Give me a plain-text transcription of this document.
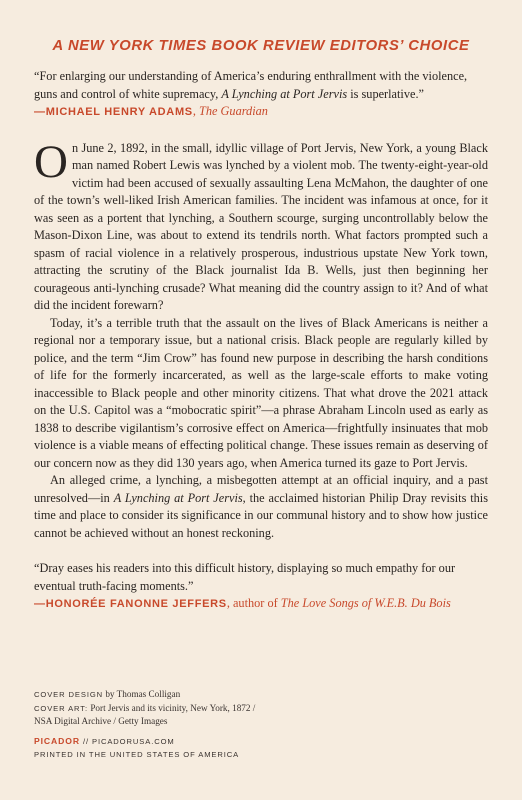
A NEW YORK TIMES BOOK REVIEW EDITORS’ CHOICE

“For enlarging our understanding of America’s enduring enthrallment with the violence, guns and control of white supremacy, A Lynching at Port Jervis is superlative.”

—MICHAEL HENRY ADAMS, The Guardian

On June 2, 1892, in the small, idyllic village of Port Jervis, New York, a young Black man named Robert Lewis was lynched by a violent mob. The twenty-eight-year-old victim had been accused of sexually assaulting Lena McMahon, the daughter of one of the town’s well-liked Irish American families. The incident was infamous at once, for it was seen as a portent that lynching, a Southern scourge, surging uncontrollably below the Mason-Dixon Line, was about to extend its tendrils north. What factors prompted such a spasm of racial violence in a relatively prosperous, industrious upstate New York town, attracting the scrutiny of the Black journalist Ida B. Wells, just then beginning her courageous anti-lynching crusade? What meaning did the country assign to it? And of what did the incident forewarn?

Today, it’s a terrible truth that the assault on the lives of Black Americans is neither a regional nor a temporary issue, but a national crisis. Black people are regularly killed by police, and the term “Jim Crow” has found new purpose in describing the harsh conditions of life for the formerly incarcerated, as well as the large-scale efforts to make voting inaccessible to Black people and other minority citizens. That what drove the 2021 attack on the U.S. Capitol was a “mobocratic spirit”—a phrase Abraham Lincoln used as early as 1838 to describe vigilantism’s corrosive effect on America—frightfully insinuates that mob violence is a viable means of effecting political change. These issues remain as deserving of our concern now as they did 130 years ago, when America turned its gaze to Port Jervis.

An alleged crime, a lynching, a misbegotten attempt at an official inquiry, and a past unresolved—in A Lynching at Port Jervis, the acclaimed historian Philip Dray revisits this time and place to consider its significance in our communal history and to show how justice cannot be achieved without an honest reckoning.

“Dray eases his readers into this difficult history, displaying so much empathy for our eventual truth-facing moments.”

—HONORÉE FANONNE JEFFERS, author of The Love Songs of W.E.B. Du Bois

COVER DESIGN by Thomas Colligan
COVER ART: Port Jervis and its vicinity, New York, 1872 /
NSA Digital Archive / Getty Images
PICADOR // PICADORUSA.COM
PRINTED IN THE UNITED STATES OF AMERICA
